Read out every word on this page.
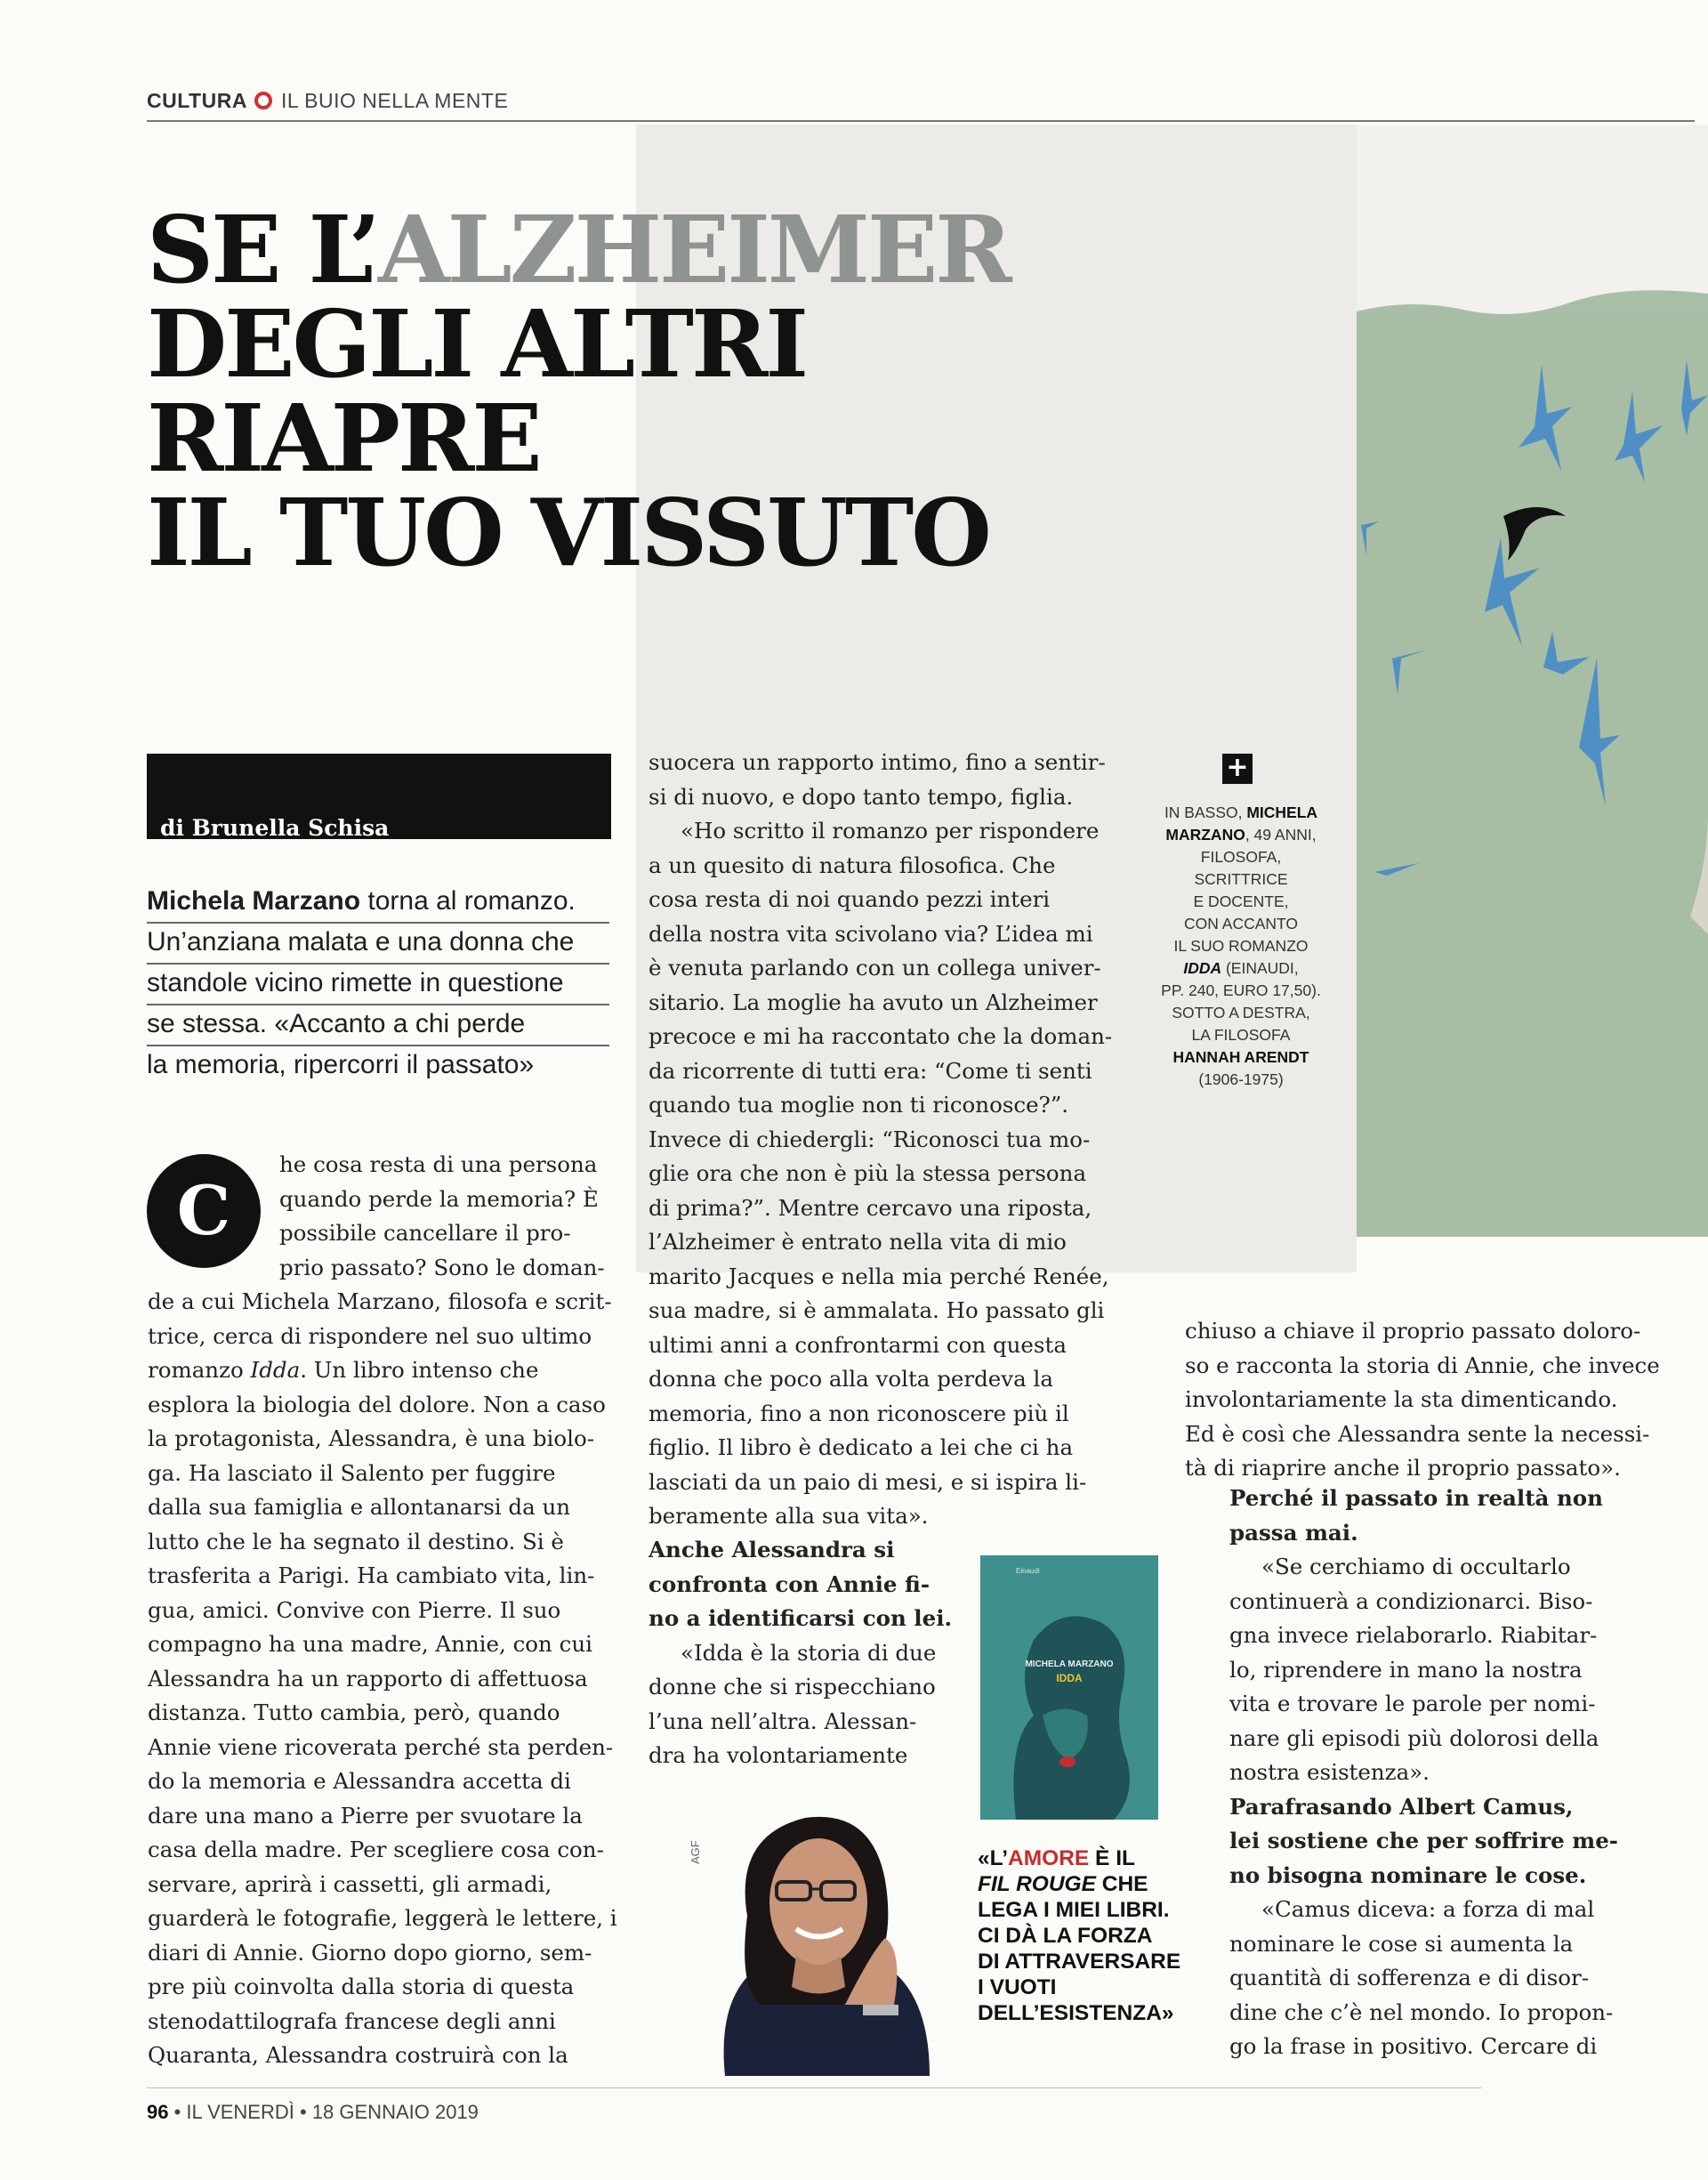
CULTURA IL BUIO NELLA MENTE
SE L’ALZHEIMER
DEGLI ALTRI
RIAPRE
IL TUO VISSUTO
di Brunella Schisa
Michela Marzano torna al romanzo.
Un’anziana malata e una donna che
standole vicino rimette in questione
se stessa. «Accanto a chi perde
la memoria, ripercorri il passato»
C
he cosa resta di una persona
quando perde la memoria? È
possibile cancellare il pro-
prio passato? Sono le doman-
de a cui Michela Marzano, filosofa e scrit-
trice, cerca di rispondere nel suo ultimo
romanzo Idda. Un libro intenso che
esplora la biologia del dolore. Non a caso
la protagonista, Alessandra, è una biolo-
ga. Ha lasciato il Salento per fuggire
dalla sua famiglia e allontanarsi da un
lutto che le ha segnato il destino. Si è
trasferita a Parigi. Ha cambiato vita, lin-
gua, amici. Convive con Pierre. Il suo
compagno ha una madre, Annie, con cui
Alessandra ha un rapporto di affettuosa
distanza. Tutto cambia, però, quando
Annie viene ricoverata perché sta perden-
do la memoria e Alessandra accetta di
dare una mano a Pierre per svuotare la
casa della madre. Per scegliere cosa con-
servare, aprirà i cassetti, gli armadi,
guarderà le fotografie, leggerà le lettere, i
diari di Annie. Giorno dopo giorno, sem-
pre più coinvolta dalla storia di questa
stenodattilografa francese degli anni
Quaranta, Alessandra costruirà con la
suocera un rapporto intimo, fino a sentir-
si di nuovo, e dopo tanto tempo, figlia.
«Ho scritto il romanzo per rispondere
a un quesito di natura filosofica. Che
cosa resta di noi quando pezzi interi
della nostra vita scivolano via? L’idea mi
è venuta parlando con un collega univer-
sitario. La moglie ha avuto un Alzheimer
precoce e mi ha raccontato che la doman-
da ricorrente di tutti era: “Come ti senti
quando tua moglie non ti riconosce?”.
Invece di chiedergli: “Riconosci tua mo-
glie ora che non è più la stessa persona
di prima?”. Mentre cercavo una riposta,
l’Alzheimer è entrato nella vita di mio
marito Jacques e nella mia perché Renée,
sua madre, si è ammalata. Ho passato gli
ultimi anni a confrontarmi con questa
donna che poco alla volta perdeva la
memoria, fino a non riconoscere più il
figlio. Il libro è dedicato a lei che ci ha
lasciati da un paio di mesi, e si ispira li-
beramente alla sua vita».
Anche Alessandra si
confronta con Annie fi-
no a identificarsi con lei.
«Idda è la storia di due
donne che si rispecchiano
l’una nell’altra. Alessan-
dra ha volontariamente
+
IN BASSO, MICHELA
MARZANO, 49 ANNI,
FILOSOFA,
SCRITTRICE
E DOCENTE,
CON ACCANTO
IL SUO ROMANZO
IDDA (EINAUDI,
PP. 240, EURO 17,50).
SOTTO A DESTRA,
LA FILOSOFA
HANNAH ARENDT
(1906-1975)
chiuso a chiave il proprio passato doloro-
so e racconta la storia di Annie, che invece
involontariamente la sta dimenticando.
Ed è così che Alessandra sente la necessi-
tà di riaprire anche il proprio passato».
Perché il passato in realtà non
passa mai.
«Se cerchiamo di occultarlo
continuerà a condizionarci. Biso-
gna invece rielaborarlo. Riabitar-
lo, riprendere in mano la nostra
vita e trovare le parole per nomi-
nare gli episodi più dolorosi della
nostra esistenza».
Parafrasando Albert Camus,
lei sostiene che per soffrire me-
no bisogna nominare le cose.
«Camus diceva: a forza di mal
nominare le cose si aumenta la
quantità di sofferenza e di disor-
dine che c’è nel mondo. Io propon-
go la frase in positivo. Cercare di
MICHELA MARZANO
IDDA
Einaudi
«L’AMORE È IL
FIL ROUGE CHE
LEGA I MIEI LIBRI.
CI DÀ LA FORZA
DI ATTRAVERSARE
I VUOTI
DELL’ESISTENZA»
AGF
96 • IL VENERDÌ • 18 GENNAIO 2019
